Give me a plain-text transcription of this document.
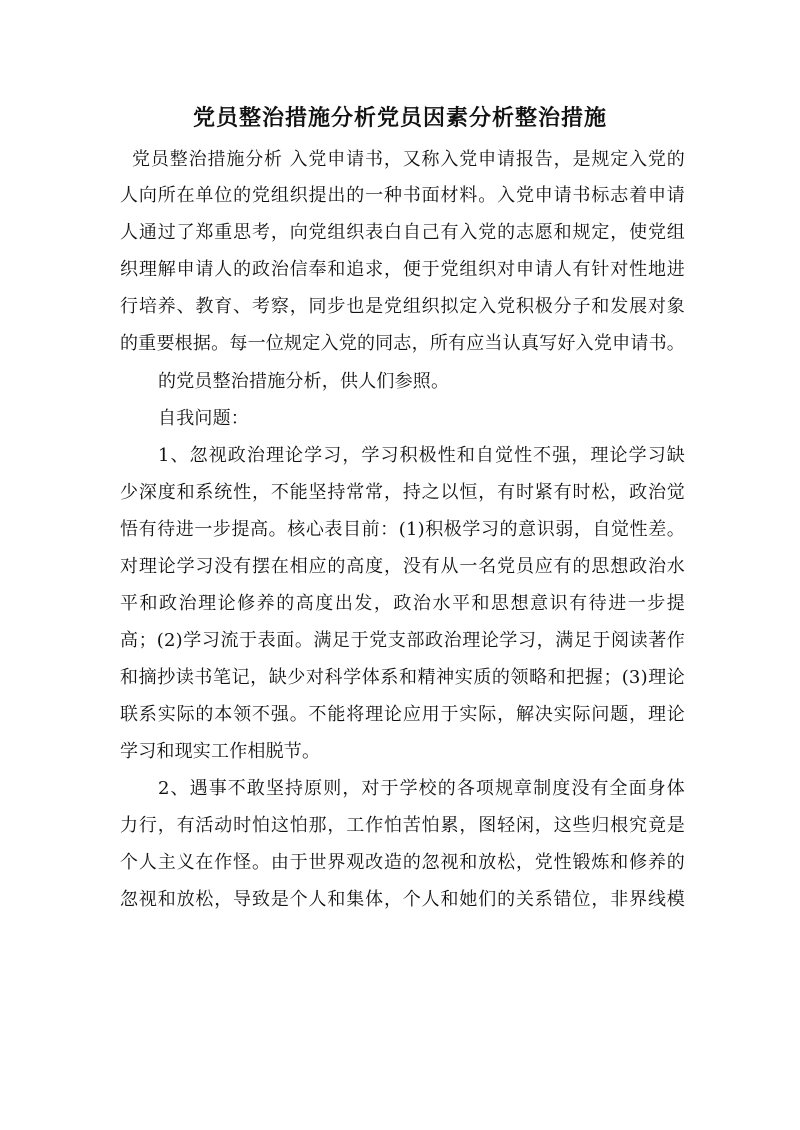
党员整治措施分析党员因素分析整治措施
党员整治措施分析 入党申请书，又称入党申请报告，是规定入党的
人向所在单位的党组织提出的一种书面材料。入党申请书标志着申请
人通过了郑重思考，向党组织表白自己有入党的志愿和规定，使党组
织理解申请人的政治信奉和追求，便于党组织对申请人有针对性地进
行培养、教育、考察，同步也是党组织拟定入党积极分子和发展对象
的重要根据。每一位规定入党的同志，所有应当认真写好入党申请书。
的党员整治措施分析，供人们参照。
自我问题：
1、忽视政治理论学习，学习积极性和自觉性不强，理论学习缺
少深度和系统性，不能坚持常常，持之以恒，有时紧有时松，政治觉
悟有待进一步提高。核心表目前：(1)积极学习的意识弱，自觉性差。
对理论学习没有摆在相应的高度，没有从一名党员应有的思想政治水
平和政治理论修养的高度出发，政治水平和思想意识有待进一步提
高；(2)学习流于表面。满足于党支部政治理论学习，满足于阅读著作
和摘抄读书笔记，缺少对科学体系和精神实质的领略和把握；(3)理论
联系实际的本领不强。不能将理论应用于实际，解决实际问题，理论
学习和现实工作相脱节。
2、遇事不敢坚持原则，对于学校的各项规章制度没有全面身体
力行，有活动时怕这怕那，工作怕苦怕累，图轻闲，这些归根究竟是
个人主义在作怪。由于世界观改造的忽视和放松，党性锻炼和修养的
忽视和放松，导致是个人和集体，个人和她们的关系错位，非界线模
